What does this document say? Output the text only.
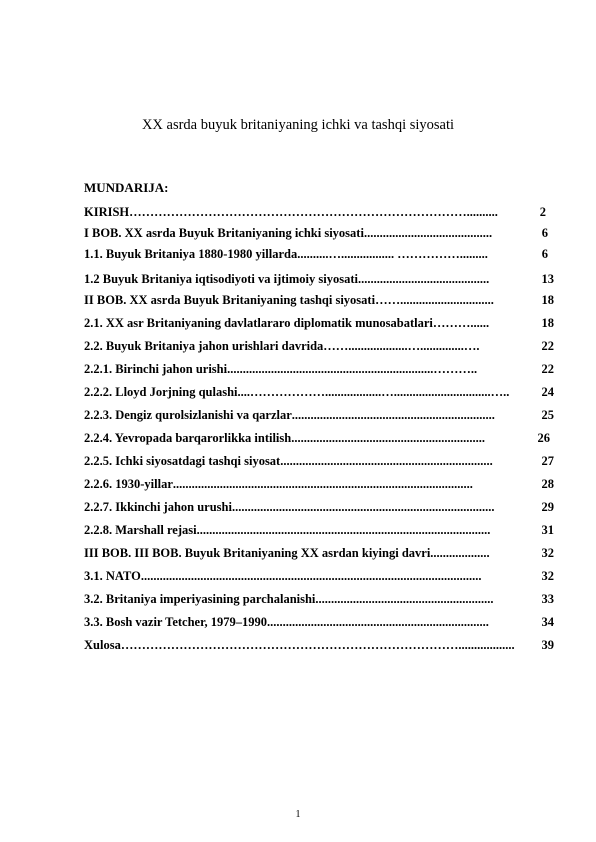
XX asrda buyuk britaniyaning ichki va tashqi siyosati
MUNDARIJA:
KIRISH ………………………………………………………………………..........	2
I BOB. XX asrda Buyuk Britaniyaning ichki siyosati .........................................	6
1.1. Buyuk Britaniya 1880-1980 yillarda ..........…................. …………….........	6
1.2 Buyuk Britaniya iqtisodiyoti va ijtimoiy siyosati ..........................................	13
II BOB. XX asrda Buyuk Britaniyaning tashqi siyosati ……..............................	18
2.1. XX asr Britaniyaning davlatlararo diplomatik munosabatlari ………......	18
2.2. Buyuk Britaniya jahon urishlari davrida ……...................…..............….	22
2.2.1. Birinchi jahon urishi ..................................................................………..	22
2.2.2. Lloyd Jorjning qulashi ....………………..................…...............................…..	24
2.2.3. Dengiz qurolsizlanishi va qarzlar .................................................................	25
2.2.4. Yevropada barqarorlikka intilish ..............................................................	26
2.2.5. Ichki siyosatdagi tashqi siyosat ....................................................................	27
2.2.6. 1930-yillar ................................................................................................	28
2.2.7. Ikkinchi jahon urushi ....................................................................................	29
2.2.8. Marshall rejasi ..............................................................................................	31
III BOB. III BOB. Buyuk Britaniyaning XX asrdan kiyingi davri ...................	32
3.1. NATO .............................................................................................................	32
3.2. Britaniya imperiyasining parchalanishi .........................................................	33
3.3. Bosh vazir Tetcher, 1979–1990 .......................................................................	34
Xulosa ………………………………………………………………………..................	39
1
